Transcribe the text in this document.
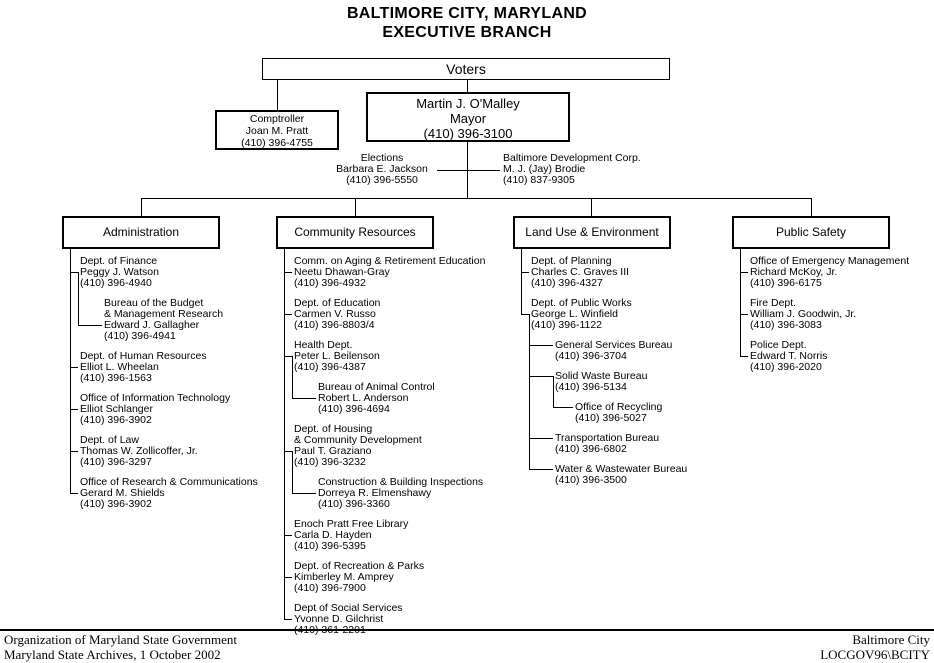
BALTIMORE CITY, MARYLAND
EXECUTIVE BRANCH
Voters
Martin J. O'Malley
Mayor
(410) 396-3100
Comptroller
Joan M. Pratt
(410) 396-4755
Elections
Barbara E. Jackson
(410) 396-5550
Baltimore Development Corp.
M. J. (Jay) Brodie
(410) 837-9305
Administration
Dept. of Finance
Peggy J. Watson
(410) 396-4940
Bureau of the Budget
& Management Research
Edward J. Gallagher
(410) 396-4941
Dept. of Human Resources
Elliot L. Wheelan
(410) 396-1563
Office of Information Technology
Elliot Schlanger
(410) 396-3902
Dept. of Law
Thomas W. Zollicoffer, Jr.
(410) 396-3297
Office of Research & Communications
Gerard M. Shields
(410) 396-3902
Community Resources
Comm. on Aging & Retirement Education
Neetu Dhawan-Gray
(410) 396-4932
Dept. of Education
Carmen V. Russo
(410) 396-8803/4
Health Dept.
Peter L. Beilenson
(410) 396-4387
Bureau of Animal Control
Robert L. Anderson
(410) 396-4694
Dept. of Housing
& Community Development
Paul T. Graziano
(410) 396-3232
Construction & Building Inspections
Dorreya R. Elmenshawy
(410) 396-3360
Enoch Pratt Free Library
Carla D. Hayden
(410) 396-5395
Dept. of Recreation & Parks
Kimberley M. Amprey
(410) 396-7900
Dept of Social Services
Yvonne D. Gilchrist
Land Use & Environment
Dept. of Planning
Charles C. Graves III
(410) 396-4327
Dept. of Public Works
George L. Winfield
(410) 396-1122
General Services Bureau
(410) 396-3704
Solid Waste Bureau
(410) 396-5134
Office of Recycling
(410) 396-5027
Transportation Bureau
(410) 396-6802
Water & Wastewater Bureau
(410) 396-3500
Public Safety
Office of Emergency Management
Richard McKoy, Jr.
(410) 396-6175
Fire Dept.
William J. Goodwin, Jr.
(410) 396-3083
Police Dept.
Edward T. Norris
(410) 396-2020
Organization of Maryland State Government
Maryland State Archives, 1 October 2002
Baltimore City
LOCGOV96\BCITY
